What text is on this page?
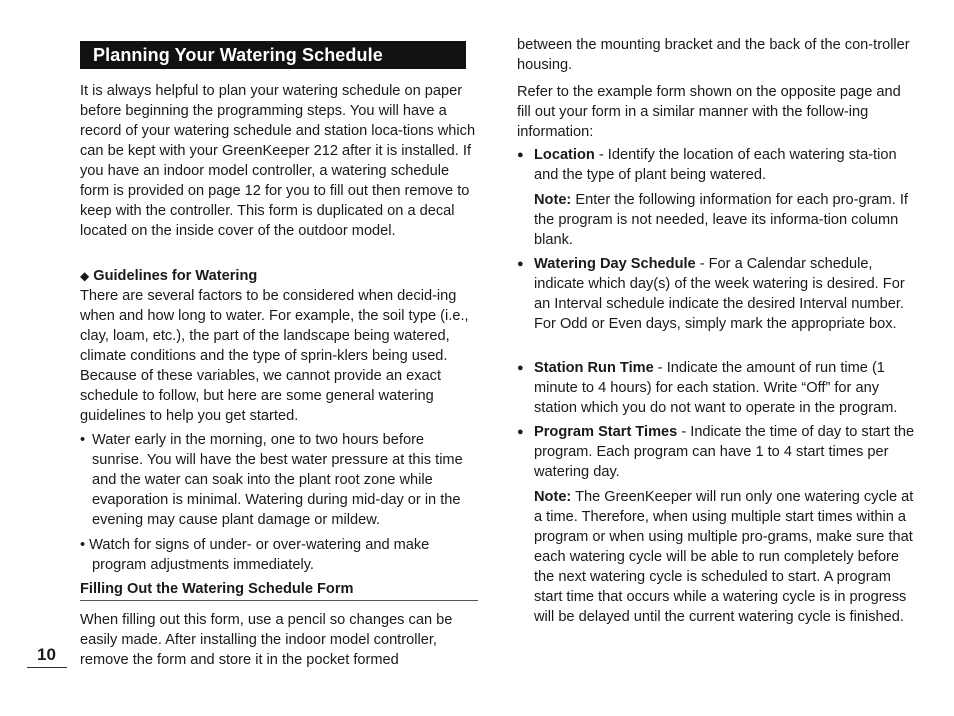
Planning Your Watering Schedule

It is always helpful to plan your watering schedule on paper before beginning the programming steps. You will have a record of your watering schedule and station loca-tions which can be kept with your GreenKeeper 212 after it is installed. If you have an indoor model controller, a watering schedule form is provided on page 12 for you to fill out then remove to keep with the controller. This form is duplicated on a decal located on the inside cover of the outdoor model.

◆ Guidelines for Watering

There are several factors to be considered when decid-ing when and how long to water. For example, the soil type (i.e., clay, loam, etc.), the part of the landscape being watered, climate conditions and the type of sprin-klers being used. Because of these variables, we cannot provide an exact schedule to follow, but here are some general watering guidelines to help you get started.

• Water early in the morning, one to two hours before sunrise. You will have the best water pressure at this time and the water can soak into the plant root zone while evaporation is minimal. Watering during mid-day or in the evening may cause plant damage or mildew.

• Watch for signs of under- or over-watering and make program adjustments immediately.

Filling Out the Watering Schedule Form

When filling out this form, use a pencil so changes can be easily made. After installing the indoor model controller, remove the form and store it in the pocket formed

between the mounting bracket and the back of the con-troller housing.

Refer to the example form shown on the opposite page and fill out your form in a similar manner with the follow-ing information:

● Location - Identify the location of each watering sta-tion and the type of plant being watered.

Note: Enter the following information for each pro-gram. If the program is not needed, leave its informa-tion column blank.

● Watering Day Schedule - For a Calendar schedule, indicate which day(s) of the week watering is desired. For an Interval schedule indicate the desired Interval number. For Odd or Even days, simply mark the appropriate box.

● Station Run Time - Indicate the amount of run time (1 minute to 4 hours) for each station. Write “Off” for any station which you do not want to operate in the program.

● Program Start Times - Indicate the time of day to start the program. Each program can have 1 to 4 start times per watering day.

Note: The GreenKeeper will run only one watering cycle at a time. Therefore, when using multiple start times within a program or when using multiple pro-grams, make sure that each watering cycle will be able to run completely before the next watering cycle is scheduled to start. A program start time that occurs while a watering cycle is in progress will be delayed until the current watering cycle is finished.

10
